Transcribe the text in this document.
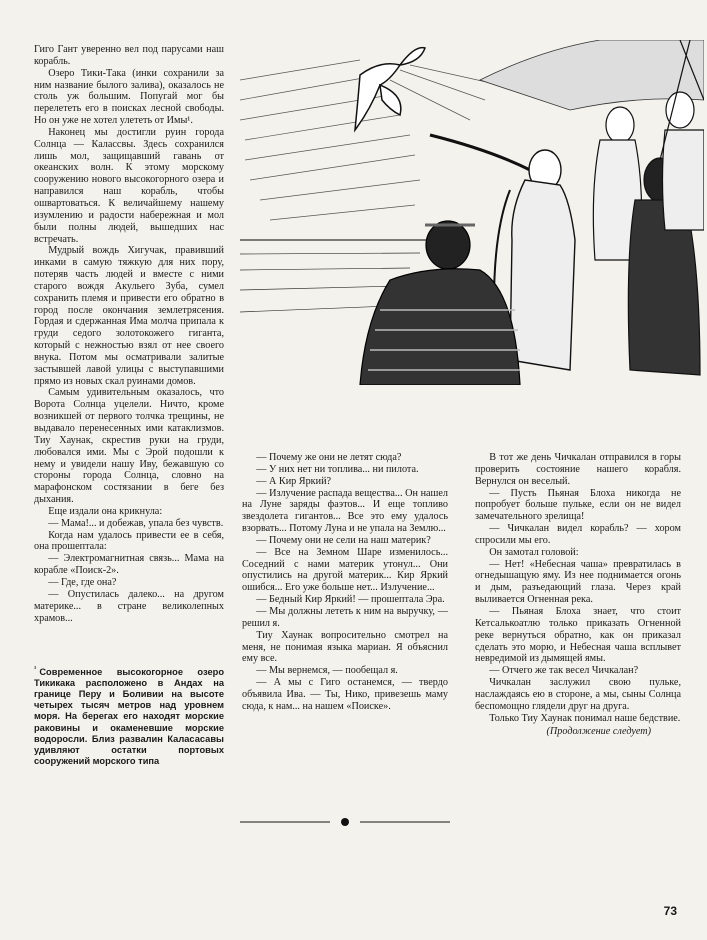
Гиго Гант уверенно вел под парусами наш корабль.

Озеро Тики-Така (инки сохранили за ним название былого залива), оказалось не столь уж большим. Попугай мог бы перелететь его в поисках лесной свободы. Но он уже не хотел улететь от Имы¹.

Наконец мы достигли руин города Солнца — Калассвы. Здесь сохранился лишь мол, защищавший гавань от океанских волн. К этому морскому сооружению нового высокогорного озера и направился наш корабль, чтобы ошвартоваться. К величайшему нашему изумлению и радости набережная и мол были полны людей, вышедших нас встречать.

Мудрый вождь Хигучак, правивший инками в самую тяжкую для них пору, потеряв часть людей и вместе с ними старого вождя Акульего Зуба, сумел сохранить племя и привести его обратно в город после окончания землетрясения. Гордая и сдержанная Има молча припала к груди седого золотокожего гиганта, который с нежностью взял от нее своего внука. Потом мы осматривали залитые застывшей лавой улицы с выступавшими прямо из новых скал руинами домов.

Самым удивительным оказалось, что Ворота Солнца уцелели. Ничто, кроме возникшей от первого толчка трещины, не выдавало перенесенных ими катаклизмов. Тиу Хаунак, скрестив руки на груди, любовался ими. Мы с Эрой подошли к нему и увидели нашу Иву, бежавшую со стороны города Солнца, словно на марафонском состязании в беге без дыхания.

Еще издали она крикнула:

— Мама!... и добежав, упала без чувств.

Когда нам удалось привести ее в себя, она прошептала:

— Электромагнитная связь... Мама на корабле «Поиск-2».

— Где, где она?

— Опустилась далеко... на другом материке... в стране великолепных храмов...

$^{^1}$ Современное высокогорное озеро Тикикака расположено в Андах на границе Перу и Боливии на высоте четырех тысяч метров над уровнем моря. На берегах его находят морские раковины и окаменевшие морские водоросли. Близ развалин Каласасавы удивляют остатки портовых сооружений морского типа

— Почему же они не летят сюда?

— У них нет ни топлива... ни пилота.

— А Кир Яркий?

— Излучение распада вещества... Он нашел на Луне заряды фаэтов... И еще топливо звездолета гигантов... Все это ему удалось взорвать... Потому Луна и не упала на Землю...

— Почему они не сели на наш материк?

— Все на Земном Шаре изменилось... Соседний с нами материк утонул... Они опустились на другой материк... Кир Яркий ошибся... Его уже больше нет... Излучение...

— Бедный Кир Яркий! — прошептала Эра.

— Мы должны лететь к ним на выручку, — решил я.

Тиу Хаунак вопросительно смотрел на меня, не понимая языка мариан. Я объяснил ему все.

— Мы вернемся, — пообещал я.

— А мы с Гиго останемся, — твердо объявила Ива. — Ты, Нико, привезешь маму сюда, к нам... на нашем «Поиске».

В тот же день Чичкалан отправился в горы проверить состояние нашего корабля. Вернулся он веселый.

— Пусть Пьяная Блоха никогда не попробует больше пульке, если он не видел замечательного зрелища!

— Чичкалан видел корабль? — хором спросили мы его.

Он замотал головой:

— Нет! «Небесная чаша» превратилась в огнедышащую яму. Из нее поднимается огонь и дым, разъедающий глаза. Через край выливается Огненная река.

— Пьяная Блоха знает, что стоит Кетсалькоатлю только приказать Огненной реке вернуться обратно, как он приказал сделать это морю, и Небесная чаша всплывет невредимой из дымящей ямы.

— Отчего же так весел Чичкалан?

Чичкалан заслужил свою пульке, наслаждаясь ею в стороне, а мы, сыны Солнца беспомощно глядели друг на друга.

Только Тиу Хаунак понимал наше бедствие.

(Продолжение следует)
73
